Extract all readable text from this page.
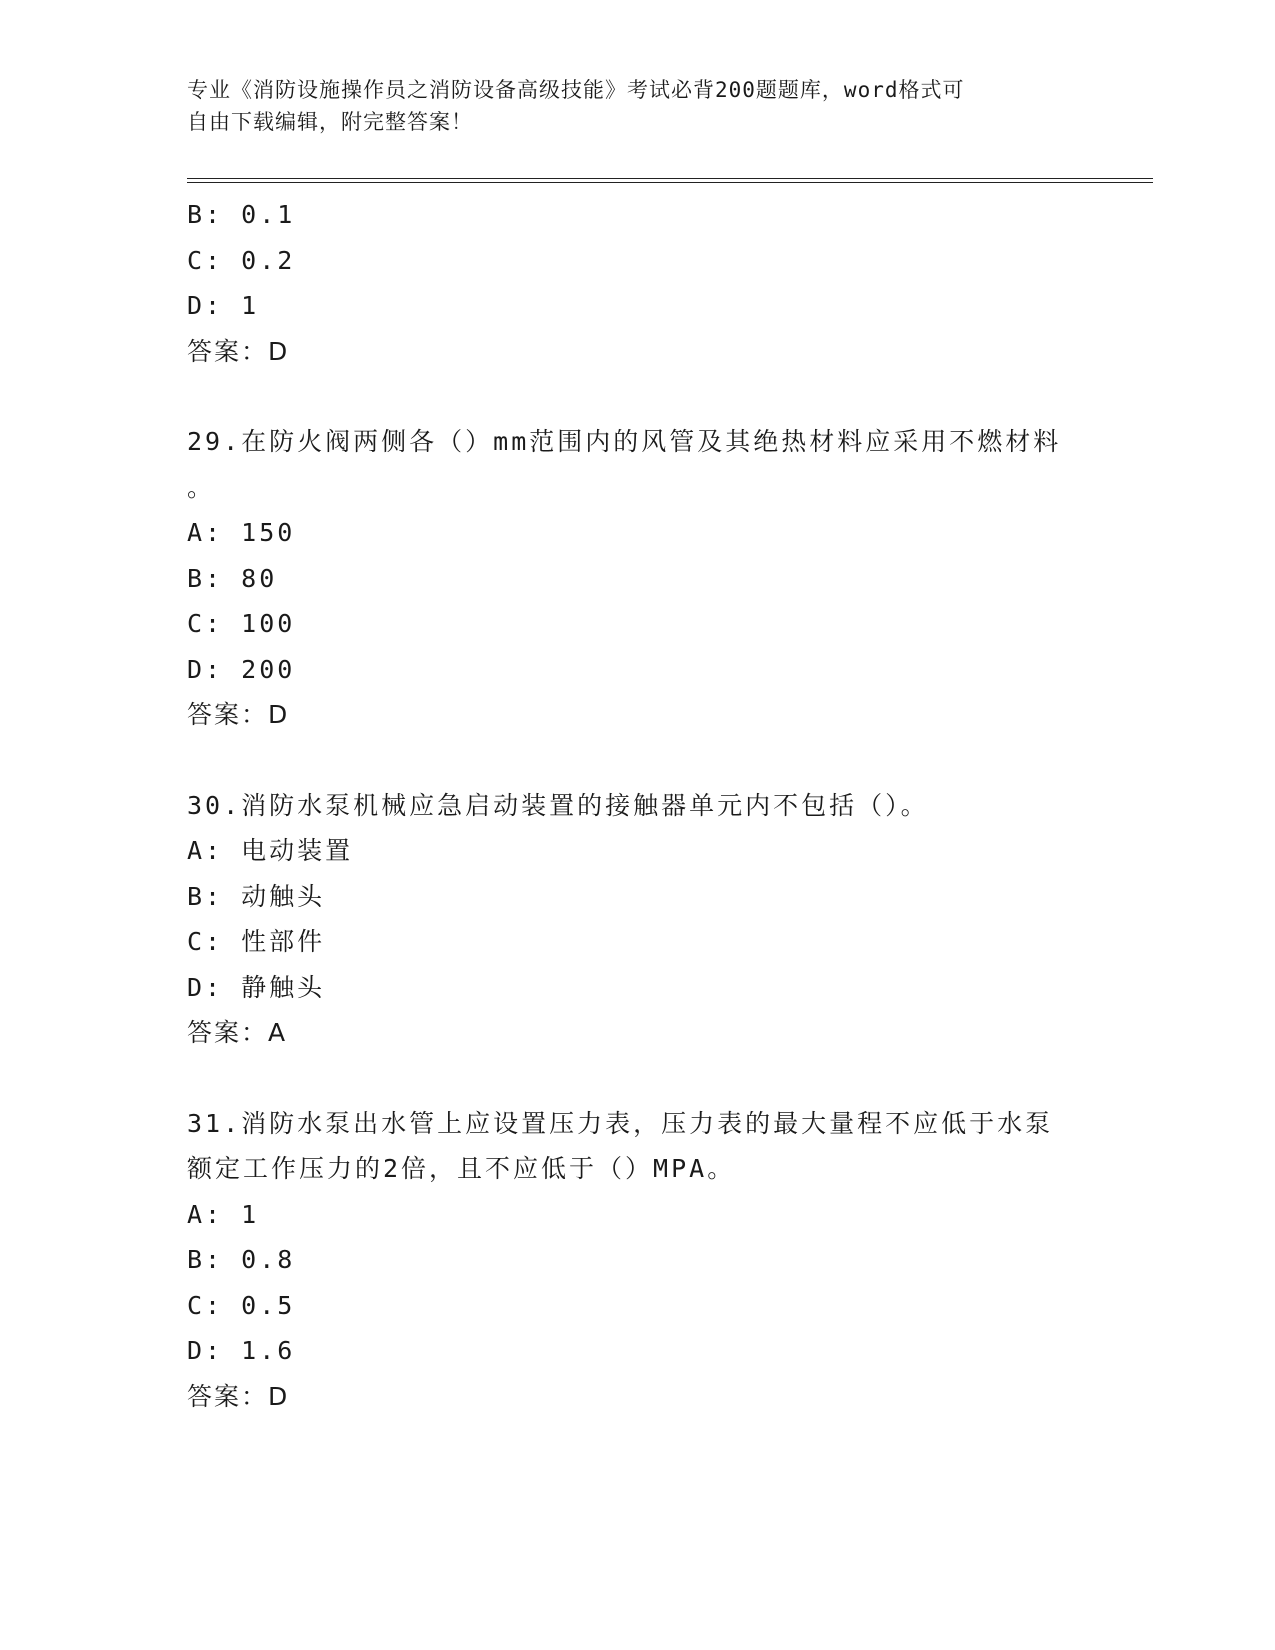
专业《消防设施操作员之消防设备高级技能》考试必背200题题库，word格式可
自由下载编辑，附完整答案！
B: 0.1
C: 0.2
D: 1
答案：D
29.在防火阀两侧各（）mm范围内的风管及其绝热材料应采用不燃材料
。
A: 150
B: 80
C: 100
D: 200
答案：D
30.消防水泵机械应急启动装置的接触器单元内不包括（）。
A: 电动装置
B: 动触头
C: 性部件
D: 静触头
答案：A
31.消防水泵出水管上应设置压力表，压力表的最大量程不应低于水泵
额定工作压力的2倍，且不应低于（）MPA。
A: 1
B: 0.8
C: 0.5
D: 1.6
答案：D
